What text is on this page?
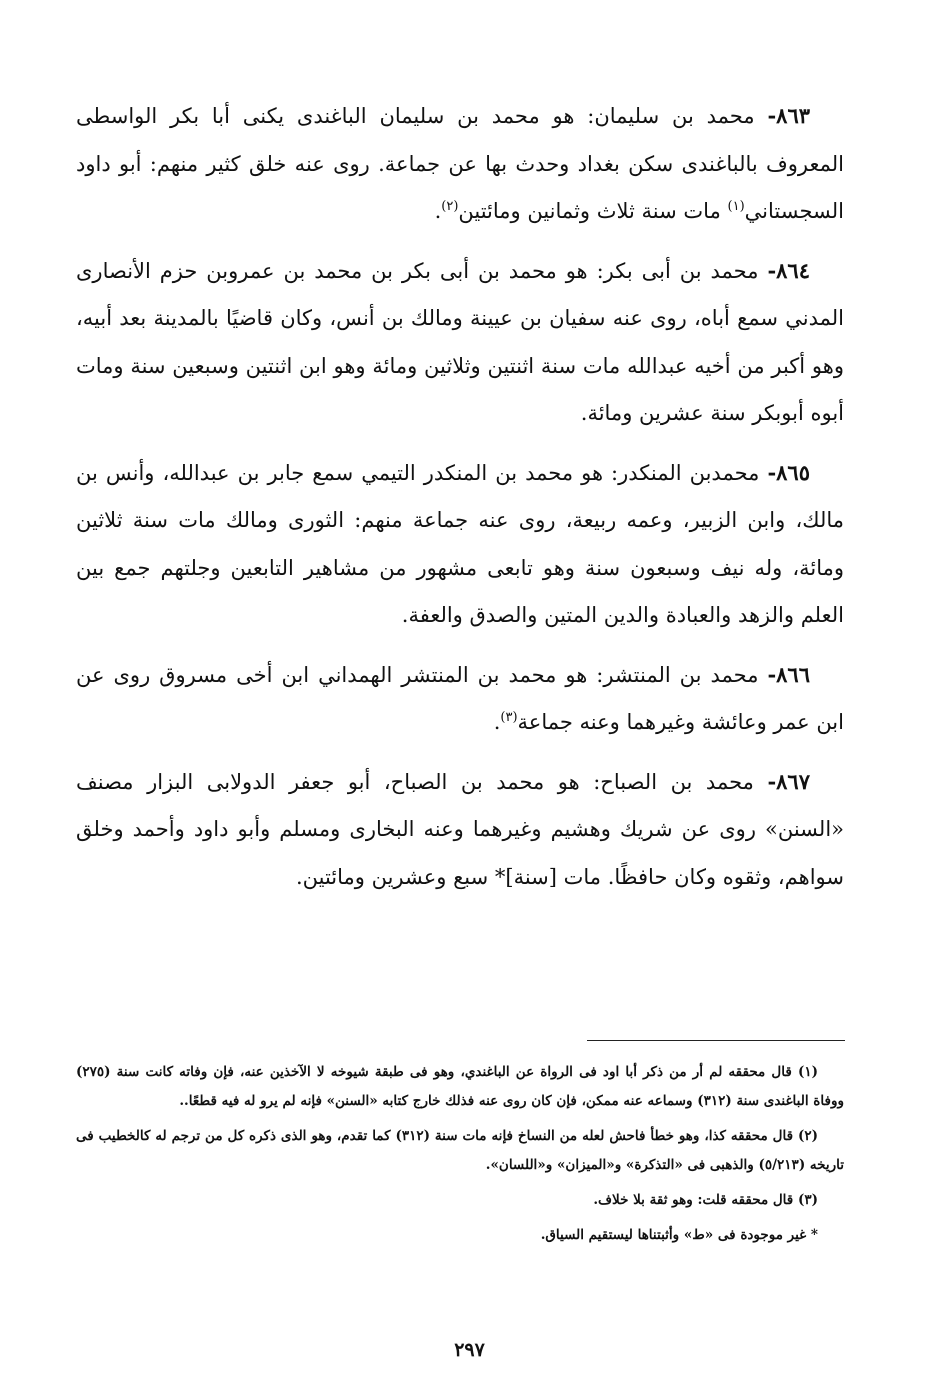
٨٦٣- محمد بن سليمان: هو محمد بن سليمان الباغندى يكنى أبا بكر الواسطى المعروف بالباغندى سكن بغداد وحدث بها عن جماعة. روى عنه خلق كثير منهم: أبو داود السجستاني$^{(١)}$ مات سنة ثلاث وثمانين ومائتين$^{(٢)}$.

٨٦٤- محمد بن أبى بكر: هو محمد بن أبى بكر بن محمد بن عمروبن حزم الأنصارى المدني سمع أباه، روى عنه سفيان بن عيينة ومالك بن أنس، وكان قاضيًا بالمدينة بعد أبيه، وهو أكبر من أخيه عبدالله مات سنة اثنتين وثلاثين ومائة وهو ابن اثنتين وسبعين سنة ومات أبوه أبوبكر سنة عشرين ومائة.

٨٦٥- محمدبن المنكدر: هو محمد بن المنكدر التيمي سمع جابر بن عبدالله، وأنس بن مالك، وابن الزبير، وعمه ربيعة، روى عنه جماعة منهم: الثورى ومالك مات سنة ثلاثين ومائة، وله نيف وسبعون سنة وهو تابعى مشهور من مشاهير التابعين وجلتهم جمع بين العلم والزهد والعبادة والدين المتين والصدق والعفة.

٨٦٦- محمد بن المنتشر: هو محمد بن المنتشر الهمداني ابن أخى مسروق روى عن ابن عمر وعائشة وغيرهما وعنه جماعة$^{(٣)}$.

٨٦٧- محمد بن الصباح: هو محمد بن الصباح، أبو جعفر الدولابى البزار مصنف «السنن» روى عن شريك وهشيم وغيرهما وعنه البخارى ومسلم وأبو داود وأحمد وخلق سواهم، وثقوه وكان حافظًا. مات [سنة]* سبع وعشرين ومائتين.

(١) قال محققه لم أر من ذكر أبا اود فى الرواة عن الباغندي، وهو فى طبقة شيوخه لا الآخذين عنه، فإن وفاته كانت سنة (٢٧٥) ووفاة الباغندى سنة (٣١٢) وسماعه عنه ممكن، فإن كان روى عنه فذلك خارج كتابه «السنن» فإنه لم يرو له فيه قطعًا..

(٢) قال محققه كذا، وهو خطأ فاحش لعله من النساخ فإنه مات سنة (٣١٢) كما تقدم، وهو الذى ذكره كل من ترجم له كالخطيب فى تاريخه (٥/٢١٣) والذهبى فى «التذكرة» و«الميزان» و«اللسان».

(٣) قال محققه قلت: وهو ثقة بلا خلاف.

* غير موجودة فى «ط» وأثبتناها ليستقيم السياق.

٢٩٧
